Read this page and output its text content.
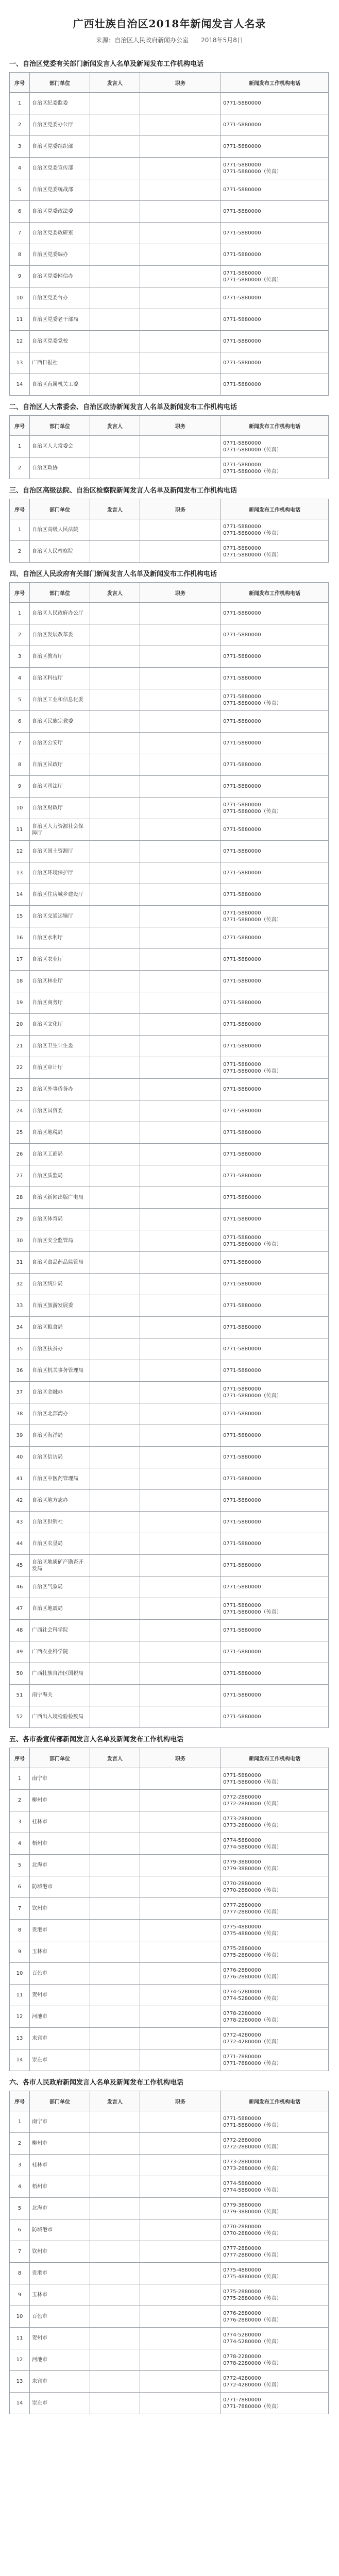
广西壮族自治区2018年新闻发言人名录
来源：自治区人民政府新闻办公室　　2018年5月8日
一、自治区党委有关部门新闻发言人名单及新闻发布工作机构电话
序号	部门单位	发言人	职务	新闻发布工作机构电话
1	自治区纪委监委			0771-5880000

2	自治区党委办公厅			0771-5880000

3	自治区党委组织部			0771-5880000

4	自治区党委宣传部			0771-5880000
0771-5880000（传真）

5	自治区党委统战部			0771-5880000

6	自治区党委政法委			0771-5880000

7	自治区党委政研室			0771-5880000

8	自治区党委编办			0771-5880000

9	自治区党委网信办			0771-5880000
0771-5880000（传真）

10	自治区党委台办			0771-5880000

11	自治区党委老干部局			0771-5880000

12	自治区党委党校			0771-5880000

13	广西日报社			0771-5880000

14	自治区直属机关工委			0771-5880000
二、自治区人大常委会、自治区政协新闻发言人名单及新闻发布工作机构电话
序号	部门单位	发言人	职务	新闻发布工作机构电话
1	自治区人大常委会			0771-5880000
0771-5880000（传真）

2	自治区政协			0771-5880000
0771-5880000（传真）
三、自治区高级法院、自治区检察院新闻发言人名单及新闻发布工作机构电话
序号	部门单位	发言人	职务	新闻发布工作机构电话
1	自治区高级人民法院			0771-5880000
0771-5880000（传真）

2	自治区人民检察院			0771-5880000
0771-5880000（传真）
四、自治区人民政府有关部门新闻发言人名单及新闻发布工作机构电话
序号	部门单位	发言人	职务	新闻发布工作机构电话
1	自治区人民政府办公厅			0771-5880000

2	自治区发展改革委			0771-5880000

3	自治区教育厅			0771-5880000

4	自治区科技厅			0771-5880000

5	自治区工业和信息化委			0771-5880000
0771-5880000（传真）

6	自治区民族宗教委			0771-5880000

7	自治区公安厅			0771-5880000

8	自治区民政厅			0771-5880000

9	自治区司法厅			0771-5880000

10	自治区财政厅			0771-5880000
0771-5880000（传真）

11	自治区人力资源社会保障厅			0771-5880000

12	自治区国土资源厅			0771-5880000

13	自治区环境保护厅			0771-5880000

14	自治区住房城乡建设厅			0771-5880000

15	自治区交通运输厅			0771-5880000
0771-5880000（传真）

16	自治区水利厅			0771-5880000

17	自治区农业厅			0771-5880000

18	自治区林业厅			0771-5880000

19	自治区商务厅			0771-5880000

20	自治区文化厅			0771-5880000

21	自治区卫生计生委			0771-5880000

22	自治区审计厅			0771-5880000
0771-5880000（传真）

23	自治区外事侨务办			0771-5880000

24	自治区国资委			0771-5880000

25	自治区地税局			0771-5880000

26	自治区工商局			0771-5880000

27	自治区质监局			0771-5880000

28	自治区新闻出版广电局			0771-5880000

29	自治区体育局			0771-5880000

30	自治区安全监管局			0771-5880000
0771-5880000（传真）

31	自治区食品药品监管局			0771-5880000

32	自治区统计局			0771-5880000

33	自治区旅游发展委			0771-5880000

34	自治区粮食局			0771-5880000

35	自治区扶贫办			0771-5880000

36	自治区机关事务管理局			0771-5880000

37	自治区金融办			0771-5880000
0771-5880000（传真）

38	自治区北部湾办			0771-5880000

39	自治区海洋局			0771-5880000

40	自治区信访局			0771-5880000

41	自治区中医药管理局			0771-5880000

42	自治区地方志办			0771-5880000

43	自治区供销社			0771-5880000

44	自治区农垦局			0771-5880000

45	自治区地质矿产勘查开发局			0771-5880000

46	自治区气象局			0771-5880000

47	自治区地震局			0771-5880000
0771-5880000（传真）

48	广西社会科学院			0771-5880000

49	广西农业科学院			0771-5880000

50	广西壮族自治区国税局			0771-5880000

51	南宁海关			0771-5880000

52	广西出入境检验检疫局			0771-5880000
五、各市委宣传部新闻发言人名单及新闻发布工作机构电话
序号	部门单位	发言人	职务	新闻发布工作机构电话
1	南宁市			0771-5880000
0771-5880000（传真）

2	柳州市			0772-2880000
0772-2880000（传真）

3	桂林市			0773-2880000
0773-2880000（传真）

4	梧州市			0774-5880000
0774-5880000（传真）

5	北海市			0779-3880000
0779-3880000（传真）

6	防城港市			0770-2880000
0770-2880000（传真）

7	钦州市			0777-2880000
0777-2880000（传真）

8	贵港市			0775-4880000
0775-4880000（传真）

9	玉林市			0775-2880000
0775-2880000（传真）

10	百色市			0776-2880000
0776-2880000（传真）

11	贺州市			0774-5280000
0774-5280000（传真）

12	河池市			0778-2280000
0778-2280000（传真）

13	来宾市			0772-4280000
0772-4280000（传真）

14	崇左市			0771-7880000
0771-7880000（传真）
六、各市人民政府新闻发言人名单及新闻发布工作机构电话
序号	部门单位	发言人	职务	新闻发布工作机构电话
1	南宁市			0771-5880000
0771-5880000（传真）

2	柳州市			0772-2880000
0772-2880000（传真）

3	桂林市			0773-2880000
0773-2880000（传真）

4	梧州市			0774-5880000
0774-5880000（传真）

5	北海市			0779-3880000
0779-3880000（传真）

6	防城港市			0770-2880000
0770-2880000（传真）

7	钦州市			0777-2880000
0777-2880000（传真）

8	贵港市			0775-4880000
0775-4880000（传真）

9	玉林市			0775-2880000
0775-2880000（传真）

10	百色市			0776-2880000
0776-2880000（传真）

11	贺州市			0774-5280000
0774-5280000（传真）

12	河池市			0778-2280000
0778-2280000（传真）

13	来宾市			0772-4280000
0772-4280000（传真）

14	崇左市			0771-7880000
0771-7880000（传真）
